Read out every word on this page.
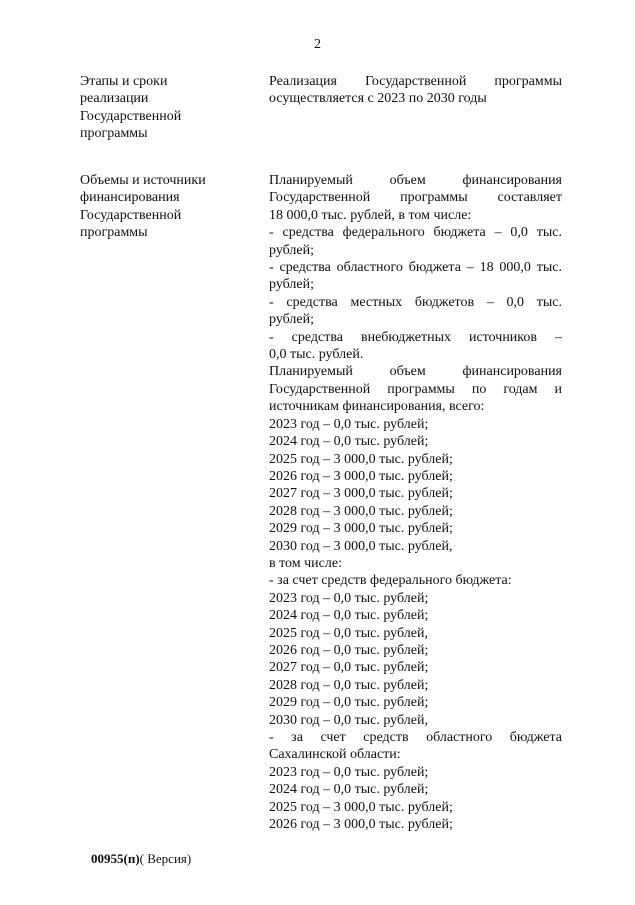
2
Этапы и сроки
реализации
Государственной
программы
Реализация Государственной программы
осуществляется с 2023 по 2030 годы
Объемы и источники
финансирования
Государственной
программы
Планируемый объем финансирования
Государственной программы составляет
18 000,0 тыс. рублей, в том числе:
- средства федерального бюджета – 0,0 тыс.
рублей;
- средства областного бюджета – 18 000,0 тыс.
рублей;
- средства местных бюджетов – 0,0 тыс.
рублей;
- средства внебюджетных источников –
0,0 тыс. рублей.
Планируемый объем финансирования
Государственной программы по годам и
источникам финансирования, всего:
2023 год – 0,0 тыс. рублей;
2024 год – 0,0 тыс. рублей;
2025 год – 3 000,0 тыс. рублей;
2026 год – 3 000,0 тыс. рублей;
2027 год – 3 000,0 тыс. рублей;
2028 год – 3 000,0 тыс. рублей;
2029 год – 3 000,0 тыс. рублей;
2030 год – 3 000,0 тыс. рублей,
в том числе:
- за счет средств федерального бюджета:
2023 год – 0,0 тыс. рублей;
2024 год – 0,0 тыс. рублей;
2025 год – 0,0 тыс. рублей,
2026 год – 0,0 тыс. рублей;
2027 год – 0,0 тыс. рублей;
2028 год – 0,0 тыс. рублей;
2029 год – 0,0 тыс. рублей;
2030 год – 0,0 тыс. рублей,
- за счет средств областного бюджета
Сахалинской области:
2023 год – 0,0 тыс. рублей;
2024 год – 0,0 тыс. рублей;
2025 год – 3 000,0 тыс. рублей;
2026 год – 3 000,0 тыс. рублей;
00955(п)( Версия)
